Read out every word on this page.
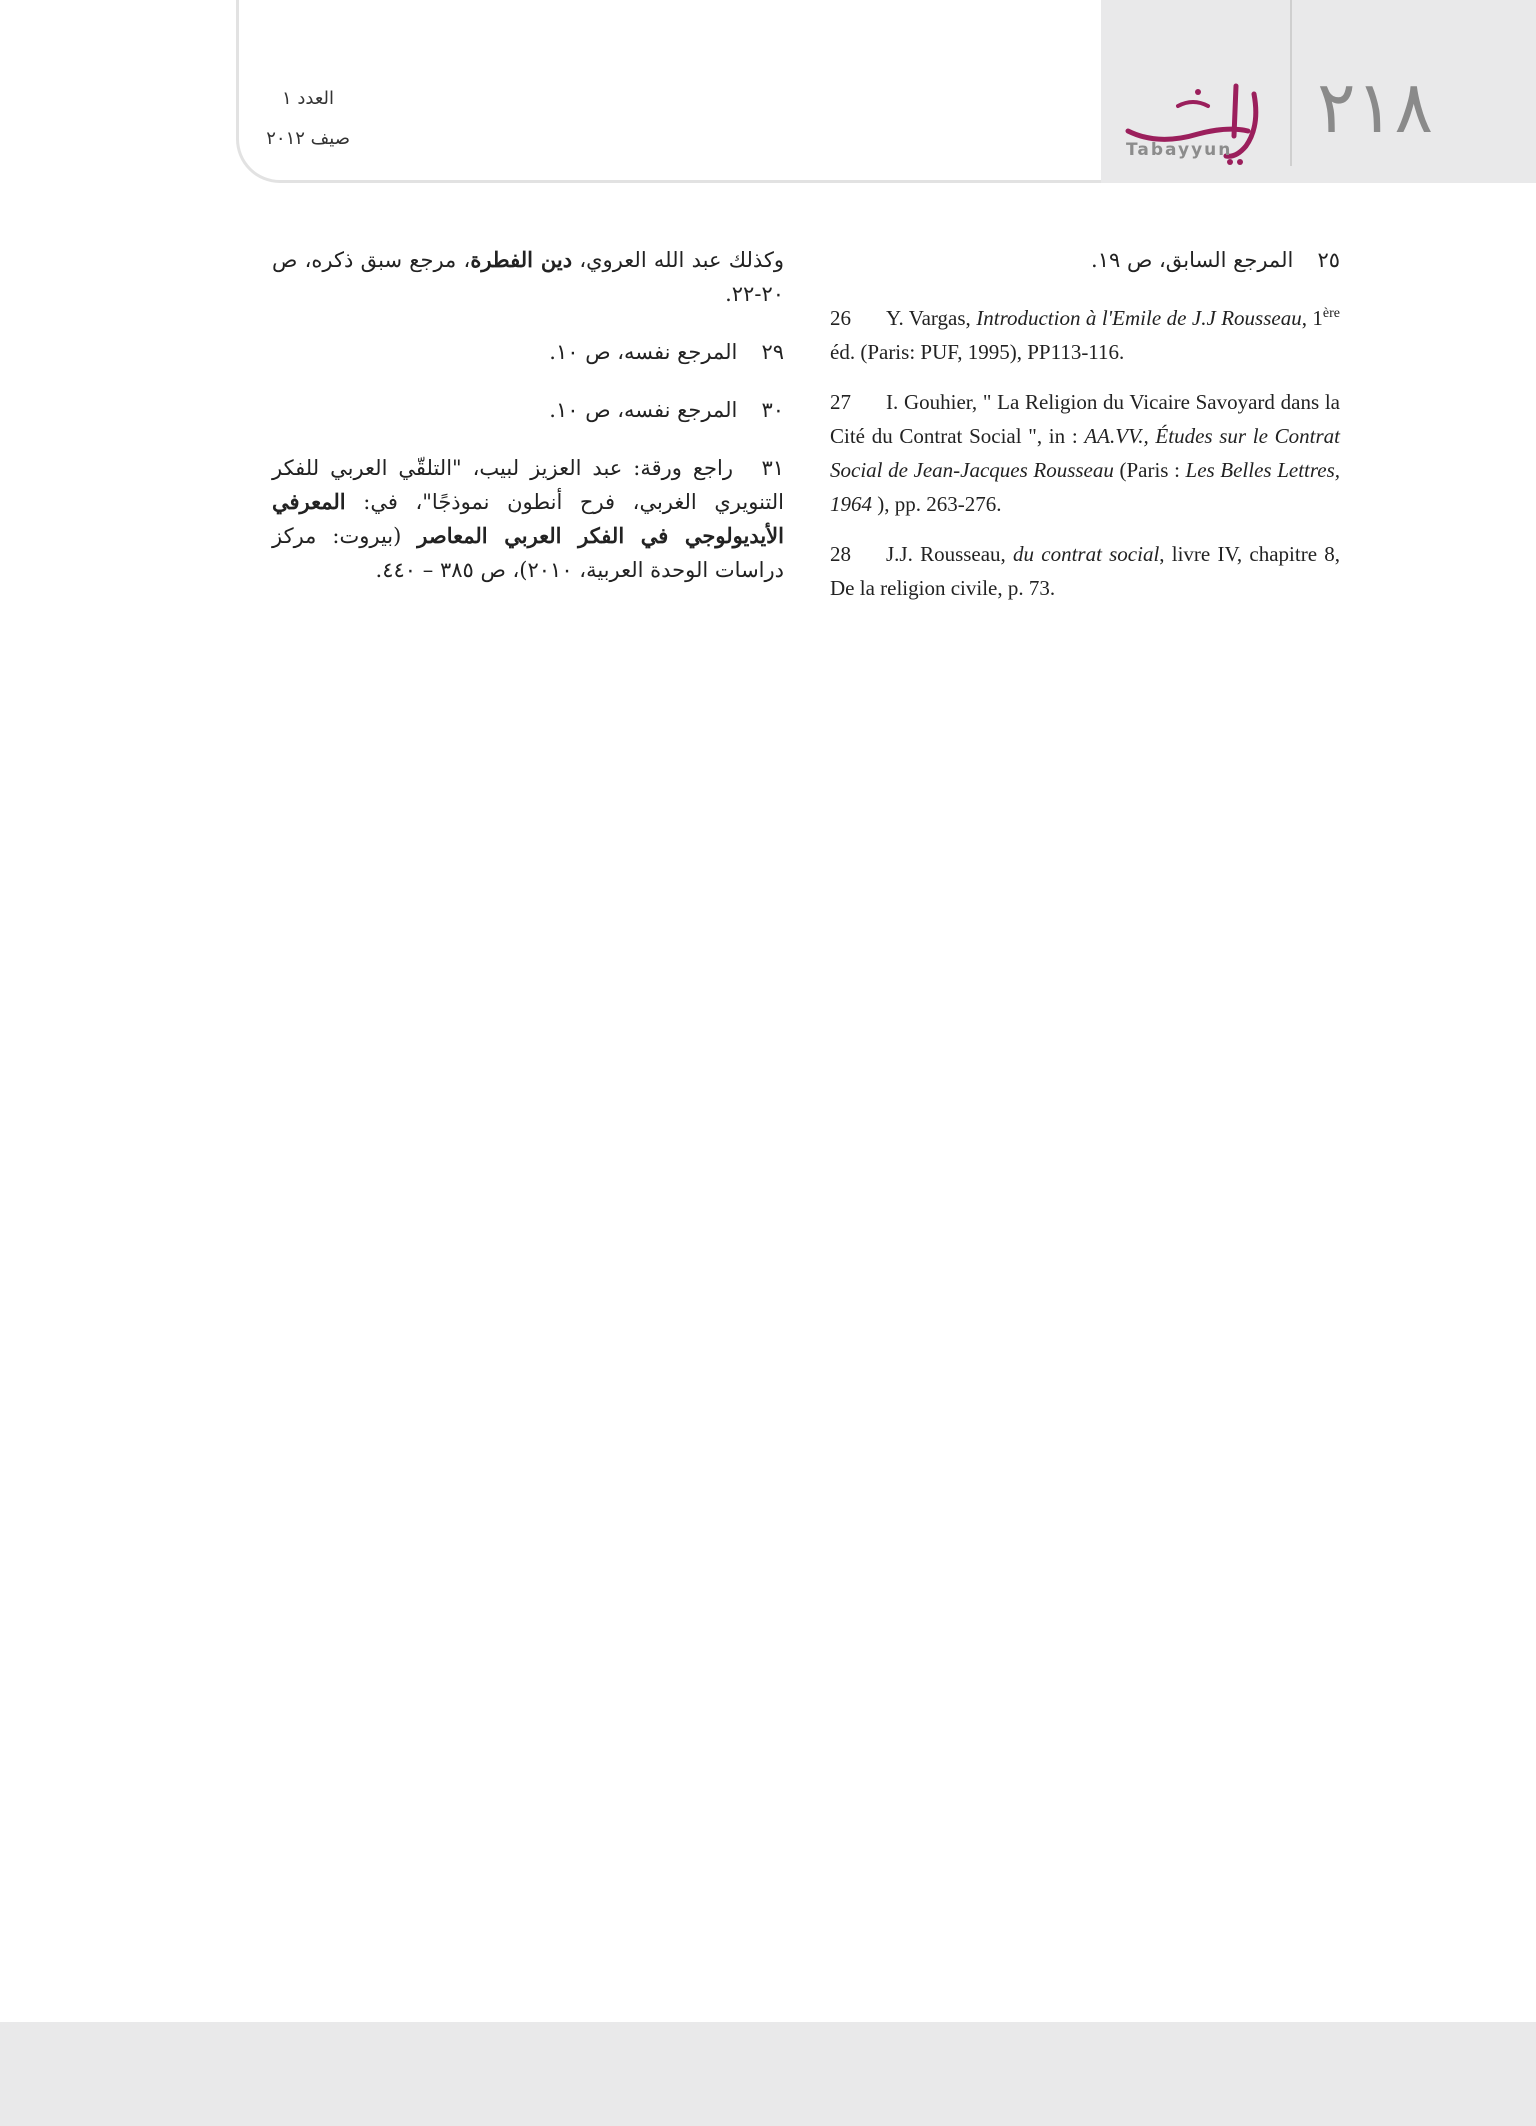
العدد ١
صيف ٢٠١٢	٢١٨
Tabayyun

٢٥ المرجع السابق، ص ١٩.

26 Y. Vargas, Introduction à l'Emile de J.J Rousseau, 1ère éd. (Paris: PUF, 1995), PP113-116.

27 I. Gouhier, " La Religion du Vicaire Savoyard dans la Cité du Contrat Social ", in : AA.VV., Études sur le Contrat Social de Jean-Jacques Rousseau (Paris : Les Belles Lettres, 1964 ), pp. 263-276.

28 J.J. Rousseau, du contrat social, livre IV, chapitre 8, De la religion civile, p. 73.

وكذلك عبد الله العروي، دين الفطرة، مرجع سبق ذكره، ص ٢٠-٢٢.

٢٩ المرجع نفسه، ص ١٠.

٣٠ المرجع نفسه، ص ١٠.

٣١ راجع ورقة: عبد العزيز لبيب، "التلقّي العربي للفكر التنويري الغربي، فرح أنطون نموذجًا"، في: المعرفي الأيديولوجي في الفكر العربي المعاصر (بيروت: مركز دراسات الوحدة العربية، ٢٠١٠)، ص ٣٨٥ – ٤٤٠.
